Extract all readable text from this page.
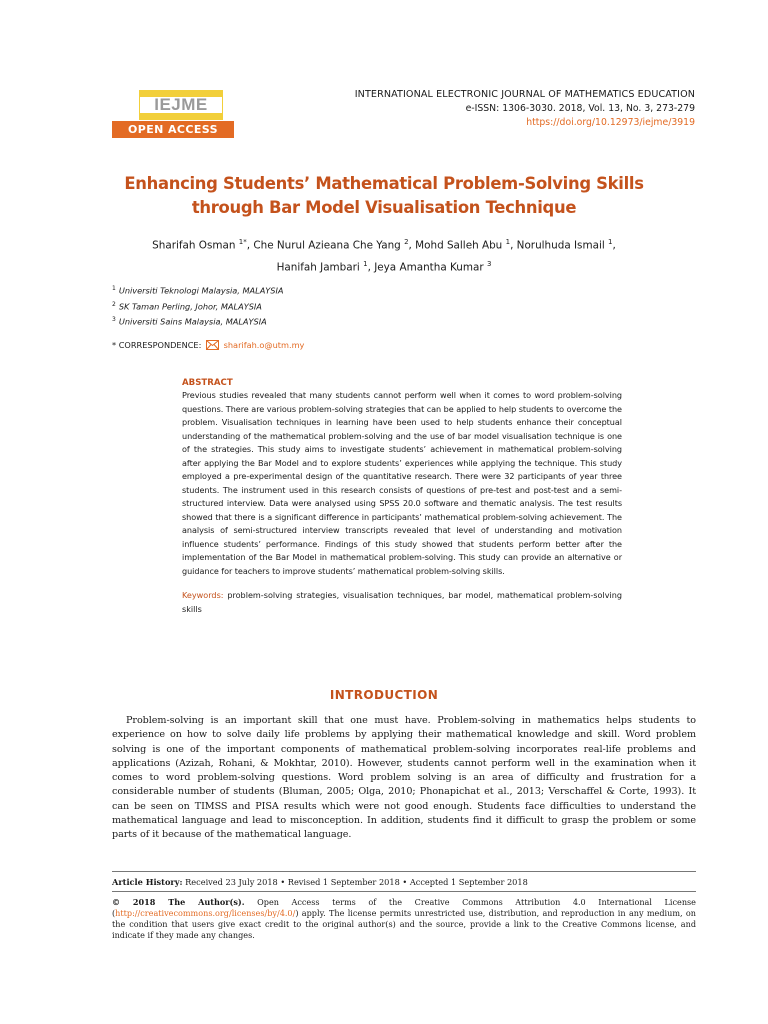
IEJME
OPEN ACCESS
INTERNATIONAL ELECTRONIC JOURNAL OF MATHEMATICS EDUCATION
e-ISSN: 1306-3030. 2018, Vol. 13, No. 3, 273-279
https://doi.org/10.12973/iejme/3919
Enhancing Students’ Mathematical Problem-Solving Skills
through Bar Model Visualisation Technique
Sharifah Osman $^{1*}$, Che Nurul Azieana Che Yang $^2$, Mohd Salleh Abu $^1$, Norulhuda Ismail $^1$,
Hanifah Jambari $^1$, Jeya Amantha Kumar $^3$
$^1$ Universiti Teknologi Malaysia, MALAYSIA
$^2$ SK Taman Perling, Johor, MALAYSIA
$^3$ Universiti Sains Malaysia, MALAYSIA
* CORRESPONDENCE:	sharifah.o@utm.my
ABSTRACT
Previous studies revealed that many students cannot perform well when it comes to word problem-solving questions. There are various problem-solving strategies that can be applied to help students to overcome the problem. Visualisation techniques in learning have been used to help students enhance their conceptual understanding of the mathematical problem-solving and the use of bar model visualisation technique is one of the strategies. This study aims to investigate students’ achievement in mathematical problem-solving after applying the Bar Model and to explore students’ experiences while applying the technique. This study employed a pre-experimental design of the quantitative research. There were 32 participants of year three students. The instrument used in this research consists of questions of pre-test and post-test and a semi-structured interview. Data were analysed using SPSS 20.0 software and thematic analysis. The test results showed that there is a significant difference in participants’ mathematical problem-solving achievement. The analysis of semi-structured interview transcripts revealed that level of understanding and motivation influence students’ performance. Findings of this study showed that students perform better after the implementation of the Bar Model in mathematical problem-solving. This study can provide an alternative or guidance for teachers to improve students’ mathematical problem-solving skills.
Keywords: problem-solving strategies, visualisation techniques, bar model, mathematical problem-solving skills
INTRODUCTION
Problem-solving is an important skill that one must have. Problem-solving in mathematics helps students to experience on how to solve daily life problems by applying their mathematical knowledge and skill. Word problem solving is one of the important components of mathematical problem-solving incorporates real-life problems and applications (Azizah, Rohani, & Mokhtar, 2010). However, students cannot perform well in the examination when it comes to word problem-solving questions. Word problem solving is an area of difficulty and frustration for a considerable number of students (Bluman, 2005; Olga, 2010; Phonapichat et al., 2013; Verschaffel & Corte, 1993). It can be seen on TIMSS and PISA results which were not good enough. Students face difficulties to understand the mathematical language and lead to misconception. In addition, students find it difficult to grasp the problem or some parts of it because of the mathematical language.
Article History: Received 23 July 2018 • Revised 1 September 2018 • Accepted 1 September 2018
© 2018 The Author(s). Open Access terms of the Creative Commons Attribution 4.0 International License (http://creativecommons.org/licenses/by/4.0/) apply. The license permits unrestricted use, distribution, and reproduction in any medium, on the condition that users give exact credit to the original author(s) and the source, provide a link to the Creative Commons license, and indicate if they made any changes.
